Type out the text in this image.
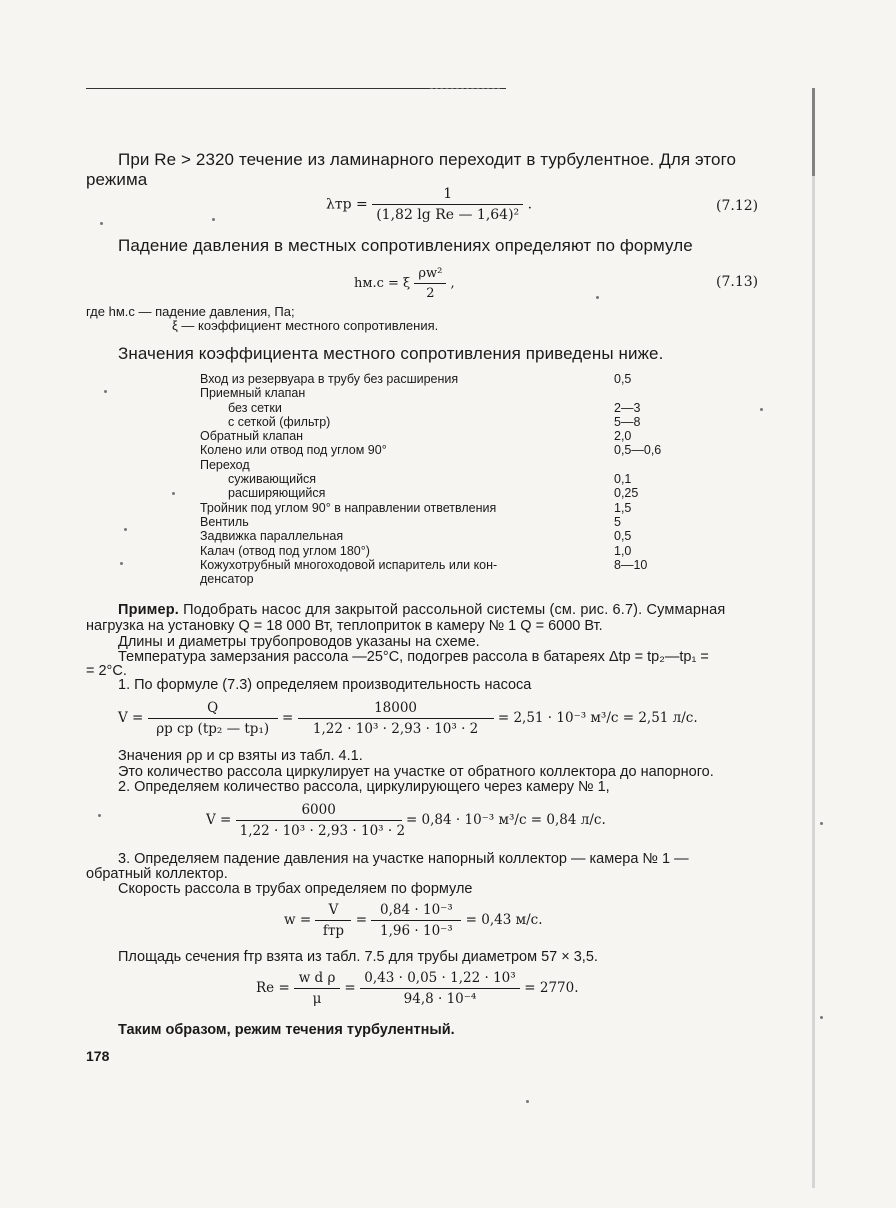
При Re > 2320 течение из ламинарного переходит в турбулентное. Для этого
режима
$\lambda тр = \frac{1}{\text{(1,82 lg Re — 1,64)²}}$ .	(7.12)
Падение давления в местных сопротивлениях определяют по формуле
hм.с = ξ $\frac{\text{ρw²}}{2}$ ,	(7.13)
где hм.с — падение давления, Па;
ξ — коэффициент местного сопротивления.
Значения коэффициента местного сопротивления приведены ниже.
Вход из резервуара в трубу без расширения	0,5
Приемный клапан	
без сетки	2—3
с сеткой (фильтр)	5—8
Обратный клапан	2,0
Колено или отвод под углом 90°	0,5—0,6
Переход	
суживающийся	0,1
расширяющийся	0,25
Тройник под углом 90° в направлении ответвления	1,5
Вентиль	5
Задвижка параллельная	0,5
Калач (отвод под углом 180°)	1,0
Кожухотрубный многоходовой испаритель или кон-	8—10
денсатор	
Пример. Подобрать насос для закрытой рассольной системы (см. рис. 6.7). Суммарная
нагрузка на установку Q = 18 000 Вт, теплоприток в камеру № 1 Q = 6000 Вт.
Длины и диаметры трубопроводов указаны на схеме.
Температура замерзания рассола —25°С, подогрев рассола в батареях Δtр = tр₂—tр₁ =
= 2°С.
1. По формуле (7.3) определяем производительность насоса
$V = \frac{Q}{\text{ρр cр (tр₂ — tр₁)}} = \frac{18000}{\text{1,22 · 10³ · 2,93 · 10³ · 2}} = 2,51 \cdot 10^{-3}$ м³/с = 2,51 л/с.
Значения ρр и cр взяты из табл. 4.1.
Это количество рассола циркулирует на участке от обратного коллектора до напорного.
2. Определяем количество рассола, циркулирующего через камеру № 1,
$V = \frac{6000}{\text{1,22 · 10³ · 2,93 · 10³ · 2}} = 0,84 \cdot 10^{-3}$ м³/с = 0,84 л/с.
3. Определяем падение давления на участке напорный коллектор — камера № 1 —
обратный коллектор.
Скорость рассола в трубах определяем по формуле
$w = \frac{V}{\text{fтр}} = \frac{\text{0,84 · 10⁻³}}{\text{1,96 · 10⁻³}} = 0,43$ м/с.
Площадь сечения fтр взята из табл. 7.5 для трубы диаметром 57 × 3,5.
$Re = \frac{\text{w d ρ}}{\mu} = \frac{\text{0,43 · 0,05 · 1,22 · 10³}}{\text{94,8 · 10⁻⁴}} = 2770$.
Таким образом, режим течения турбулентный.
178
